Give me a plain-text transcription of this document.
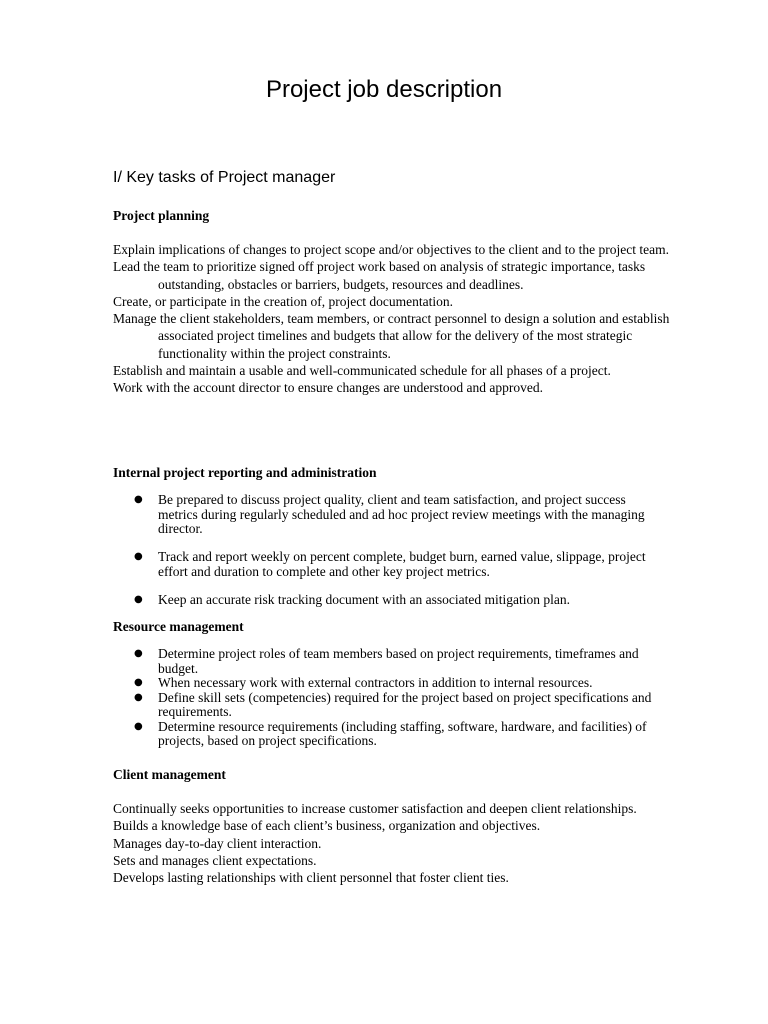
Project job description
I/ Key tasks of Project manager
Project planning

Explain implications of changes to project scope and/or objectives to the client and to the project team.

Lead the team to prioritize signed off project work based on analysis of strategic importance, tasks outstanding, obstacles or barriers, budgets, resources and deadlines.

Create, or participate in the creation of, project documentation.

Manage the client stakeholders, team members, or contract personnel to design a solution and establish associated project timelines and budgets that allow for the delivery of the most strategic functionality within the project constraints.

Establish and maintain a usable and well-communicated schedule for all phases of a project.

Work with the account director to ensure changes are understood and approved.

Internal project reporting and administration
● Be prepared to discuss project quality, client and team satisfaction, and project success metrics during regularly scheduled and ad hoc project review meetings with the managing director.
● Track and report weekly on percent complete, budget burn, earned value, slippage, project effort and duration to complete and other key project metrics.
● Keep an accurate risk tracking document with an associated mitigation plan.
Resource management
● Determine project roles of team members based on project requirements, timeframes and budget.
● When necessary work with external contractors in addition to internal resources.
● Define skill sets (competencies) required for the project based on project specifications and requirements.
● Determine resource requirements (including staffing, software, hardware, and facilities) of projects, based on project specifications.
Client management

Continually seeks opportunities to increase customer satisfaction and deepen client relationships.

Builds a knowledge base of each client’s business, organization and objectives.

Manages day-to-day client interaction.

Sets and manages client expectations.

Develops lasting relationships with client personnel that foster client ties.
